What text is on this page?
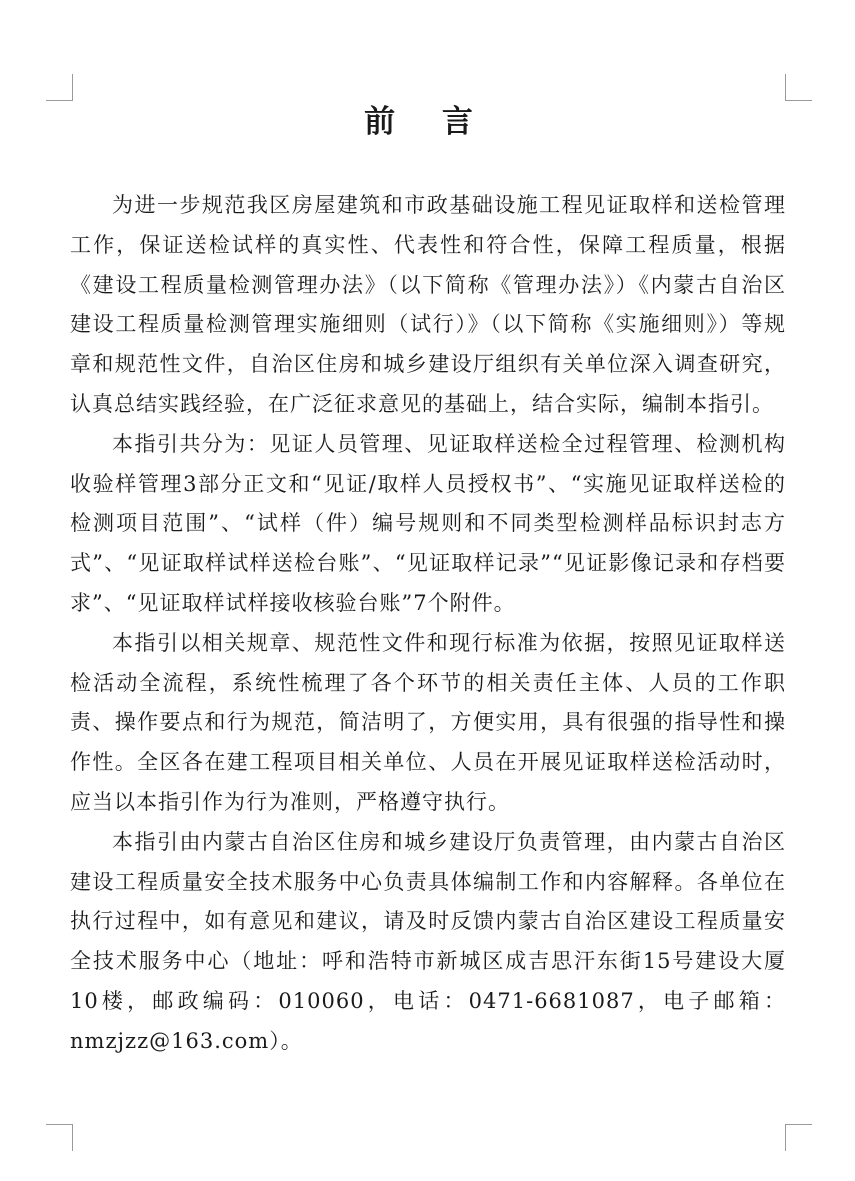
前 言

为进一步规范我区房屋建筑和市政基础设施工程见证取样和送检管理工作，保证送检试样的真实性、代表性和符合性，保障工程质量，根据《建设工程质量检测管理办法》（以下简称《管理办法》）《内蒙古自治区建设工程质量检测管理实施细则（试行）》（以下简称《实施细则》）等规章和规范性文件，自治区住房和城乡建设厅组织有关单位深入调查研究，认真总结实践经验，在广泛征求意见的基础上，结合实际，编制本指引。

本指引共分为：见证人员管理、见证取样送检全过程管理、检测机构收验样管理3部分正文和“见证/取样人员授权书”、“实施见证取样送检的检测项目范围”、“试样（件）编号规则和不同类型检测样品标识封志方式”、“见证取样试样送检台账”、“见证取样记录”“见证影像记录和存档要求”、“见证取样试样接收核验台账”7个附件。

本指引以相关规章、规范性文件和现行标准为依据，按照见证取样送检活动全流程，系统性梳理了各个环节的相关责任主体、人员的工作职责、操作要点和行为规范，简洁明了，方便实用，具有很强的指导性和操作性。全区各在建工程项目相关单位、人员在开展见证取样送检活动时，应当以本指引作为行为准则，严格遵守执行。

本指引由内蒙古自治区住房和城乡建设厅负责管理，由内蒙古自治区建设工程质量安全技术服务中心负责具体编制工作和内容解释。各单位在执行过程中，如有意见和建议，请及时反馈内蒙古自治区建设工程质量安全技术服务中心（地址：呼和浩特市新城区成吉思汗东街15号建设大厦10楼，邮政编码：010060，电话：0471-6681087，电子邮箱：nmzjzz@163.com）。
